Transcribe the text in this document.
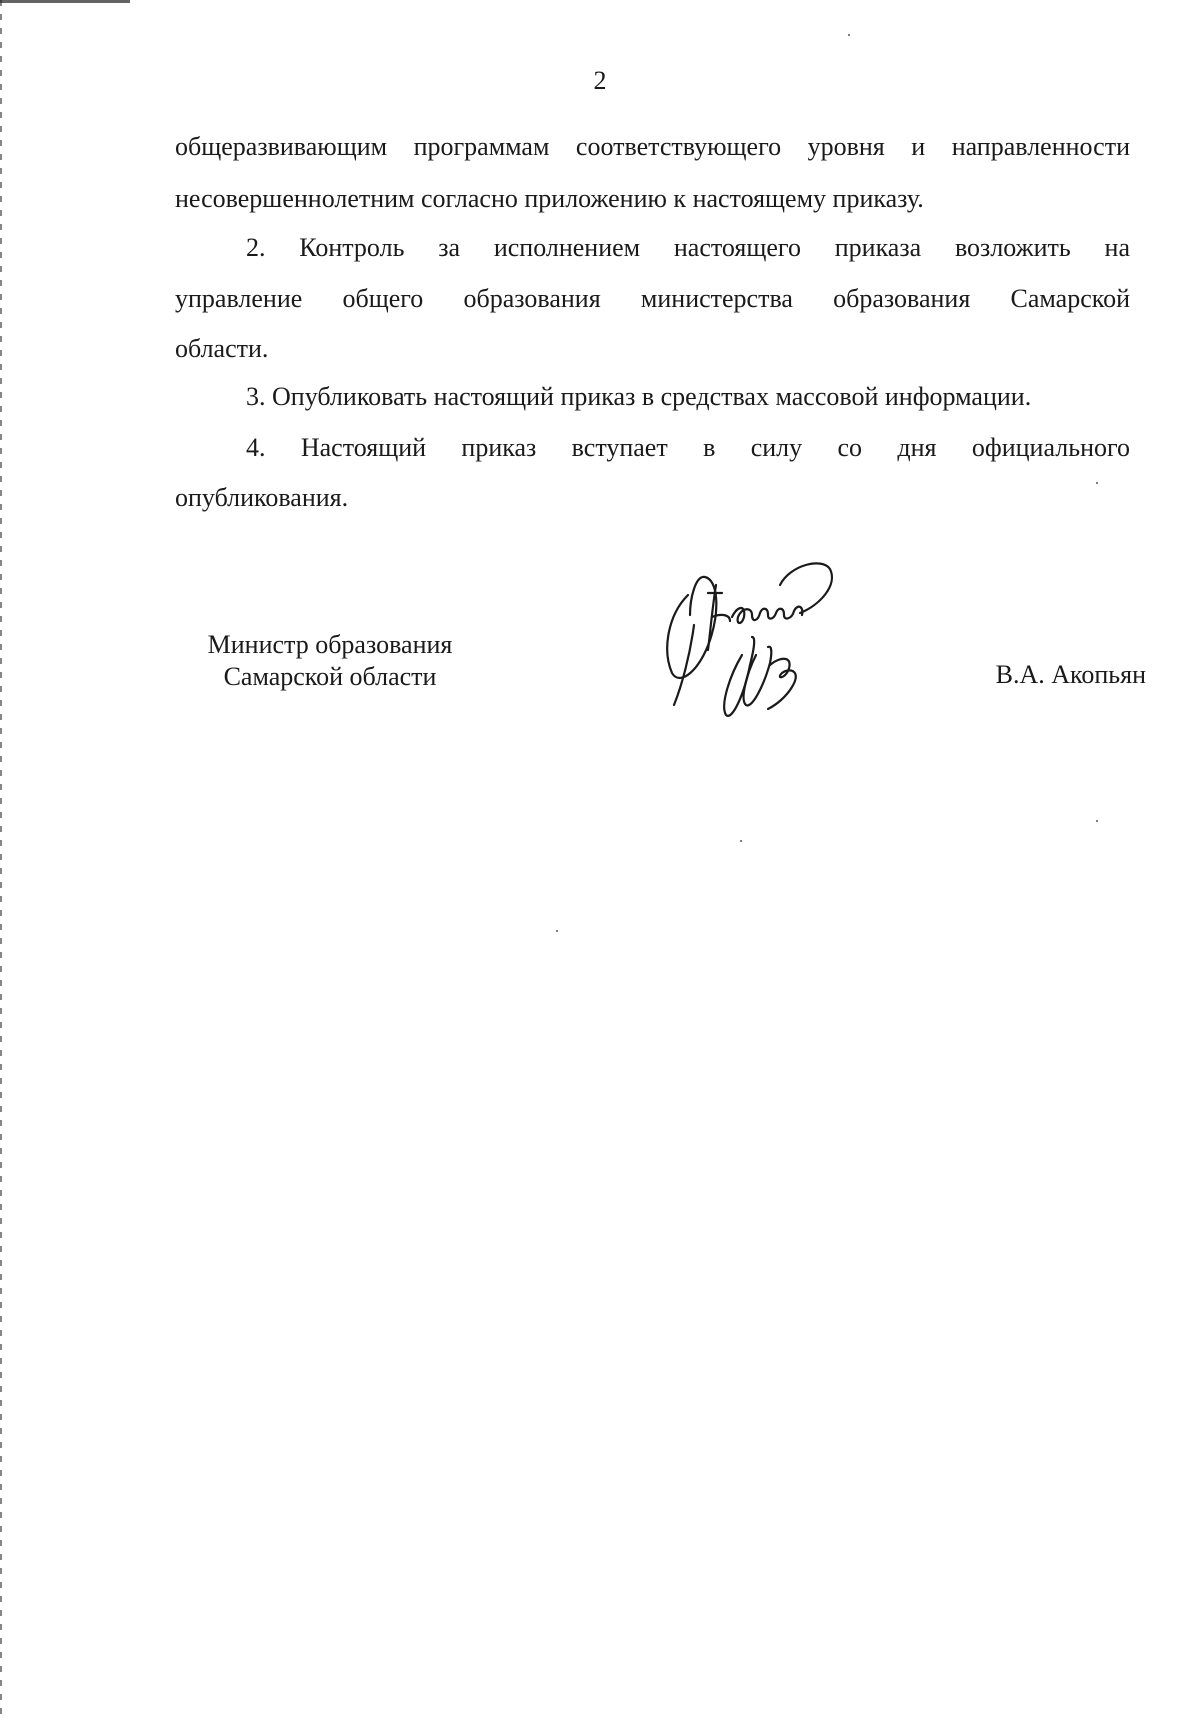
2
общеразвивающим программам соответствующего уровня и направленности
несовершеннолетним согласно приложению к настоящему приказу.
2. Контроль за исполнением настоящего приказа возложить на
управление общего образования министерства образования Самарской
области.
3. Опубликовать настоящий приказ в средствах массовой информации.
4. Настоящий приказ вступает в силу со дня официального
опубликования.
Министр образования
Самарской области	В.А. Акопьян
